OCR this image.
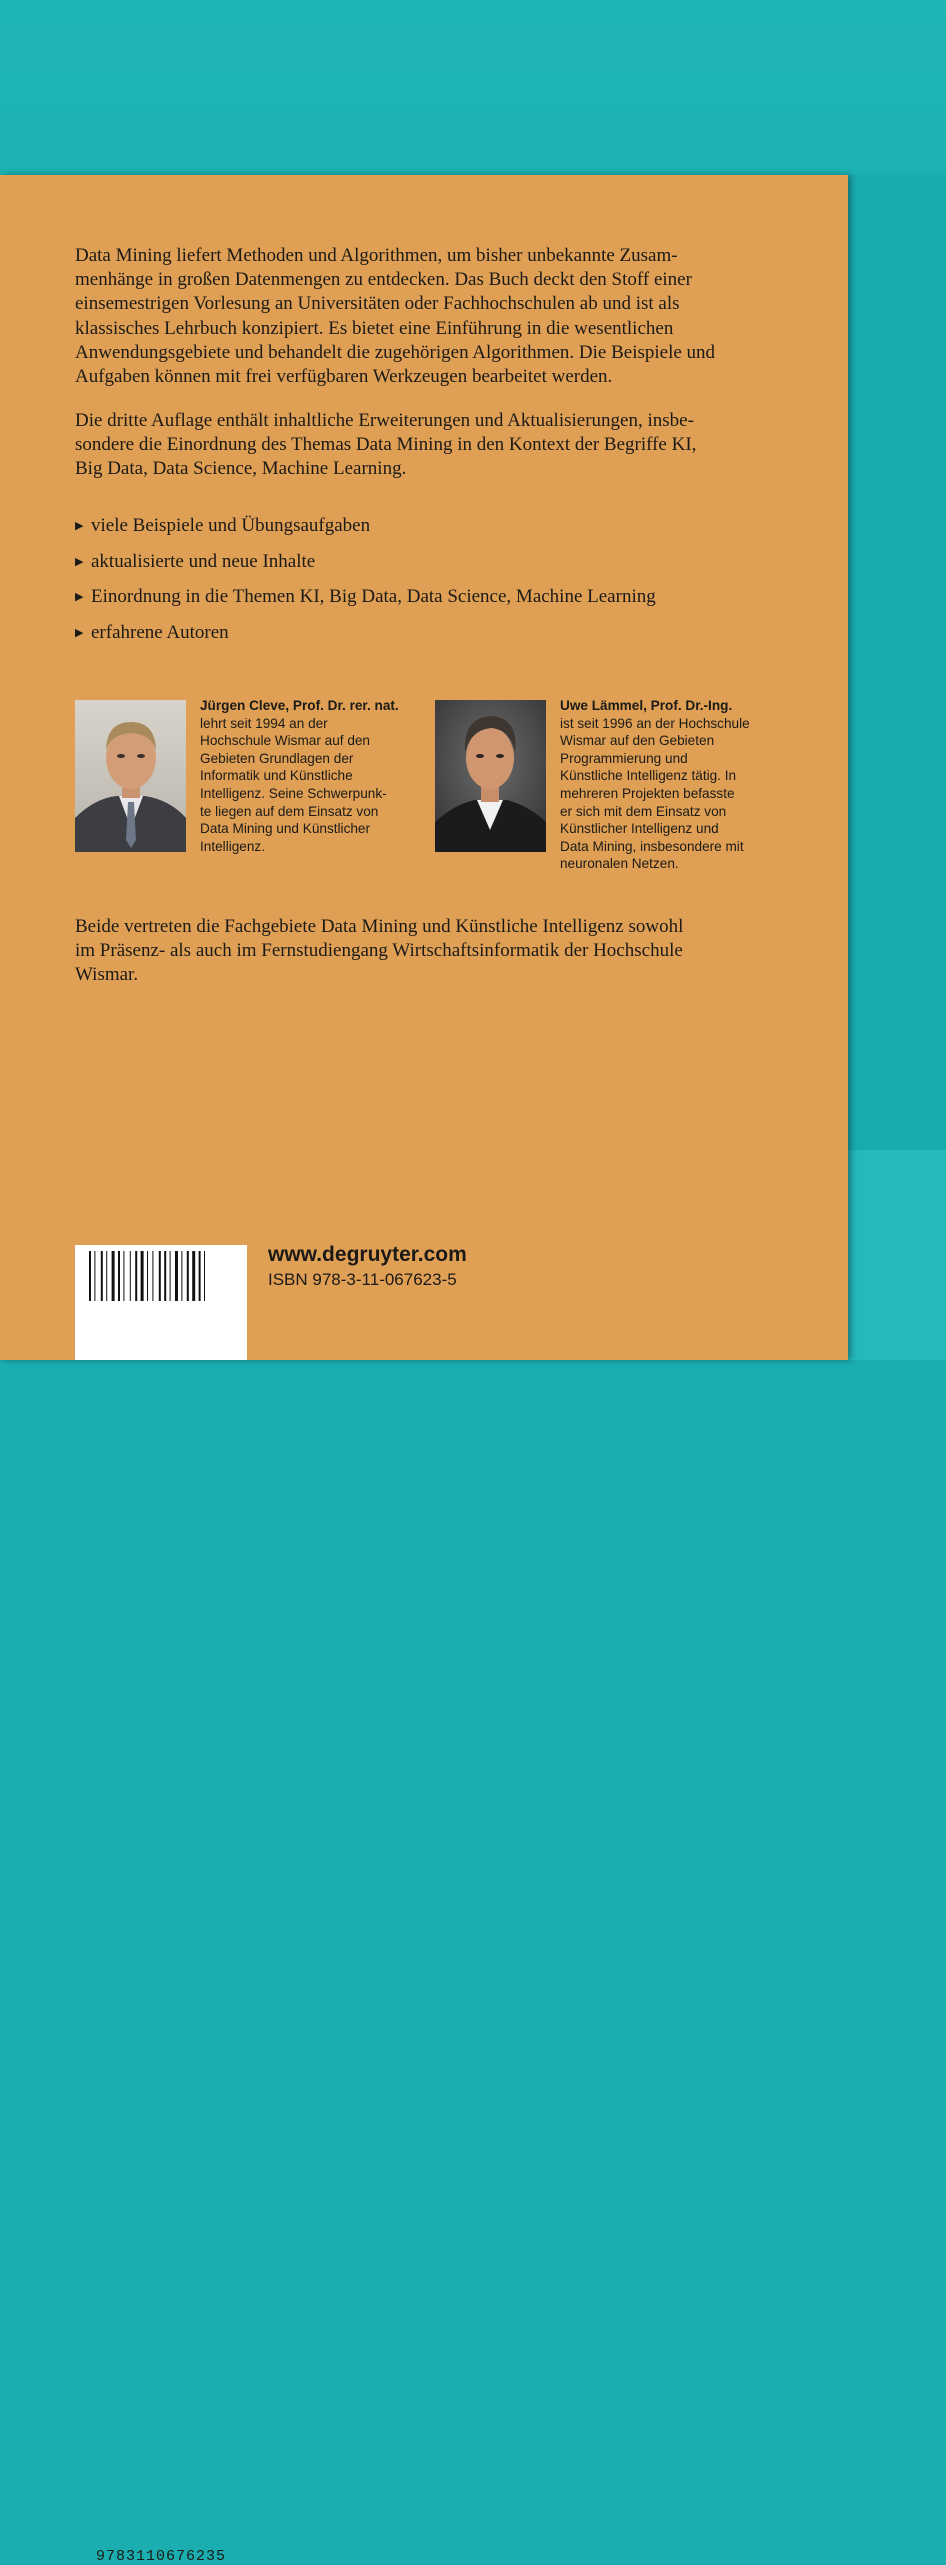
Data Mining liefert Methoden und Algorithmen, um bisher unbekannte Zusam-
menhänge in großen Datenmengen zu entdecken. Das Buch deckt den Stoff einer
einsemestrigen Vorlesung an Universitäten oder Fachhochschulen ab und ist als
klassisches Lehrbuch konzipiert. Es bietet eine Einführung in die wesentlichen
Anwendungsgebiete und behandelt die zugehörigen Algorithmen. Die Beispiele und
Aufgaben können mit frei verfügbaren Werkzeugen bearbeitet werden.

Die dritte Auflage enthält inhaltliche Erweiterungen und Aktualisierungen, insbe-
sondere die Einordnung des Themas Data Mining in den Kontext der Begriffe KI,
Big Data, Data Science, Machine Learning.

▶ viele Beispiele und Übungsaufgaben
▶ aktualisierte und neue Inhalte
▶ Einordnung in die Themen KI, Big Data, Data Science, Machine Learning
▶ erfahrene Autoren
Jürgen Cleve, Prof. Dr. rer. nat.
lehrt seit 1994 an der
Hochschule Wismar auf den
Gebieten Grundlagen der
Informatik und Künstliche
Intelligenz. Seine Schwerpunk-
te liegen auf dem Einsatz von
Data Mining und Künstlicher
Intelligenz.
Uwe Lämmel, Prof. Dr.-Ing.
ist seit 1996 an der Hochschule
Wismar auf den Gebieten
Programmierung und
Künstliche Intelligenz tätig. In
mehreren Projekten befasste
er sich mit dem Einsatz von
Künstlicher Intelligenz und
Data Mining, insbesondere mit
neuronalen Netzen.

Beide vertreten die Fachgebiete Data Mining und Künstliche Intelligenz sowohl
im Präsenz- als auch im Fernstudiengang Wirtschaftsinformatik der Hochschule
Wismar.

9783110676235
www.degruyter.com
ISBN 978-3-11-067623-5
